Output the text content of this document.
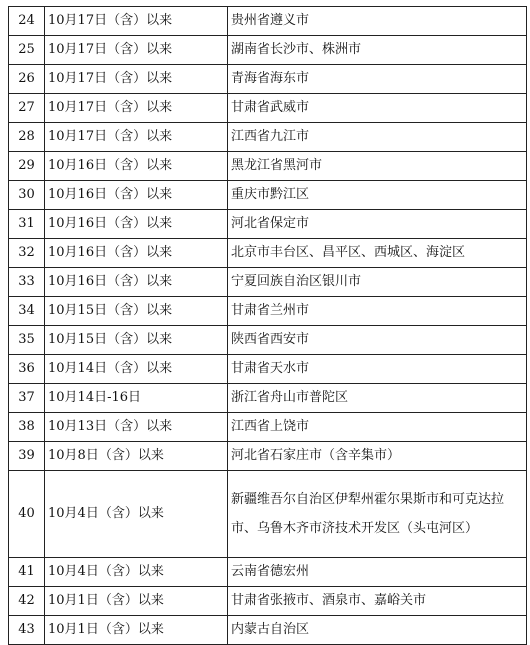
24	10月17日（含）以来	贵州省遵义市
25	10月17日（含）以来	湖南省长沙市、株洲市
26	10月17日（含）以来	青海省海东市
27	10月17日（含）以来	甘肃省武威市
28	10月17日（含）以来	江西省九江市
29	10月16日（含）以来	黑龙江省黑河市
30	10月16日（含）以来	重庆市黔江区
31	10月16日（含）以来	河北省保定市
32	10月16日（含）以来	北京市丰台区、昌平区、西城区、海淀区
33	10月16日（含）以来	宁夏回族自治区银川市
34	10月15日（含）以来	甘肃省兰州市
35	10月15日（含）以来	陕西省西安市
36	10月14日（含）以来	甘肃省天水市
37	10月14日-16日	浙江省舟山市普陀区
38	10月13日（含）以来	江西省上饶市
39	10月8日（含）以来	河北省石家庄市（含辛集市）
40	10月4日（含）以来	新疆维吾尔自治区伊犁州霍尔果斯市和可克达拉市、乌鲁木齐市济技术开发区（头屯河区）
41	10月4日（含）以来	云南省德宏州
42	10月1日（含）以来	甘肃省张掖市、酒泉市、嘉峪关市
43	10月1日（含）以来	内蒙古自治区
